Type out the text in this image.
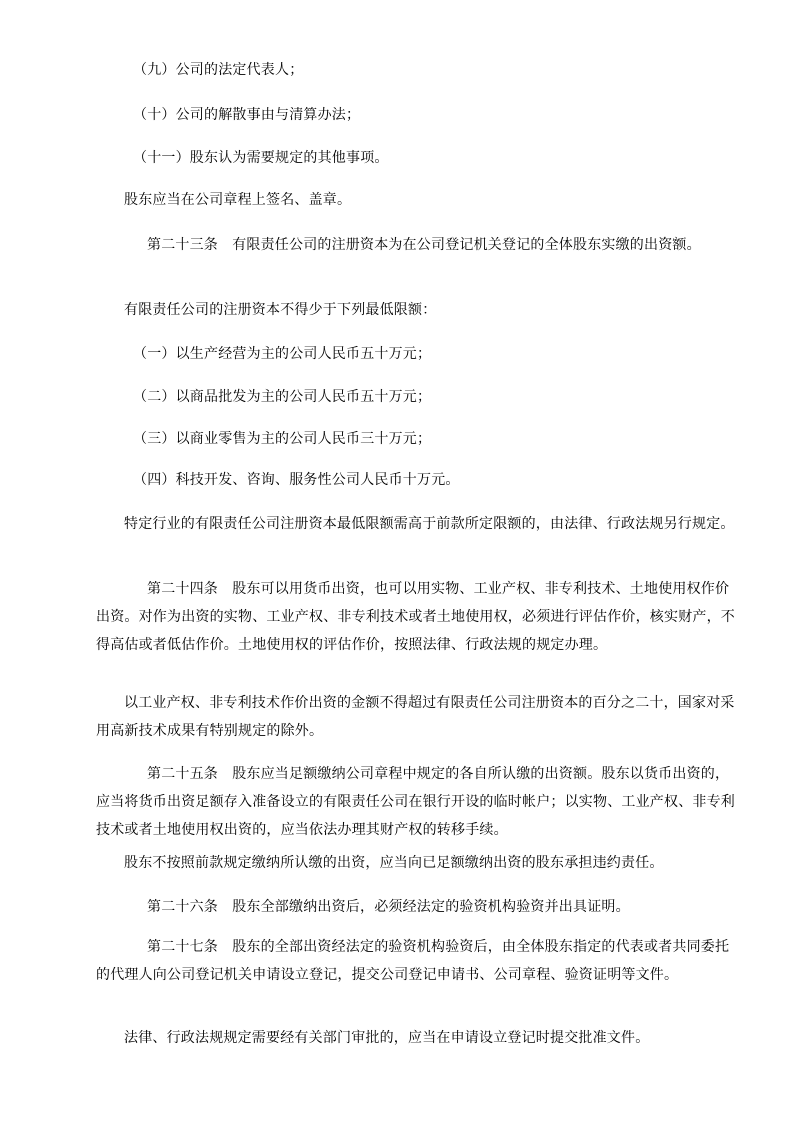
（九）公司的法定代表人；

（十）公司的解散事由与清算办法；

（十一）股东认为需要规定的其他事项。

股东应当在公司章程上签名、盖章。

第二十三条　有限责任公司的注册资本为在公司登记机关登记的全体股东实缴的出资额。

有限责任公司的注册资本不得少于下列最低限额：

（一）以生产经营为主的公司人民币五十万元；

（二）以商品批发为主的公司人民币五十万元；

（三）以商业零售为主的公司人民币三十万元；

（四）科技开发、咨询、服务性公司人民币十万元。

特定行业的有限责任公司注册资本最低限额需高于前款所定限额的，由法律、行政法规另行规定。

第二十四条　股东可以用货币出资，也可以用实物、工业产权、非专利技术、土地使用权作价出资。对作为出资的实物、工业产权、非专利技术或者土地使用权，必须进行评估作价，核实财产，不得高估或者低估作价。土地使用权的评估作价，按照法律、行政法规的规定办理。

以工业产权、非专利技术作价出资的金额不得超过有限责任公司注册资本的百分之二十，国家对采用高新技术成果有特别规定的除外。

第二十五条　股东应当足额缴纳公司章程中规定的各自所认缴的出资额。股东以货币出资的，应当将货币出资足额存入准备设立的有限责任公司在银行开设的临时帐户；以实物、工业产权、非专利技术或者土地使用权出资的，应当依法办理其财产权的转移手续。

股东不按照前款规定缴纳所认缴的出资，应当向已足额缴纳出资的股东承担违约责任。

第二十六条　股东全部缴纳出资后，必须经法定的验资机构验资并出具证明。

第二十七条　股东的全部出资经法定的验资机构验资后，由全体股东指定的代表或者共同委托的代理人向公司登记机关申请设立登记，提交公司登记申请书、公司章程、验资证明等文件。

法律、行政法规规定需要经有关部门审批的，应当在申请设立登记时提交批准文件。
